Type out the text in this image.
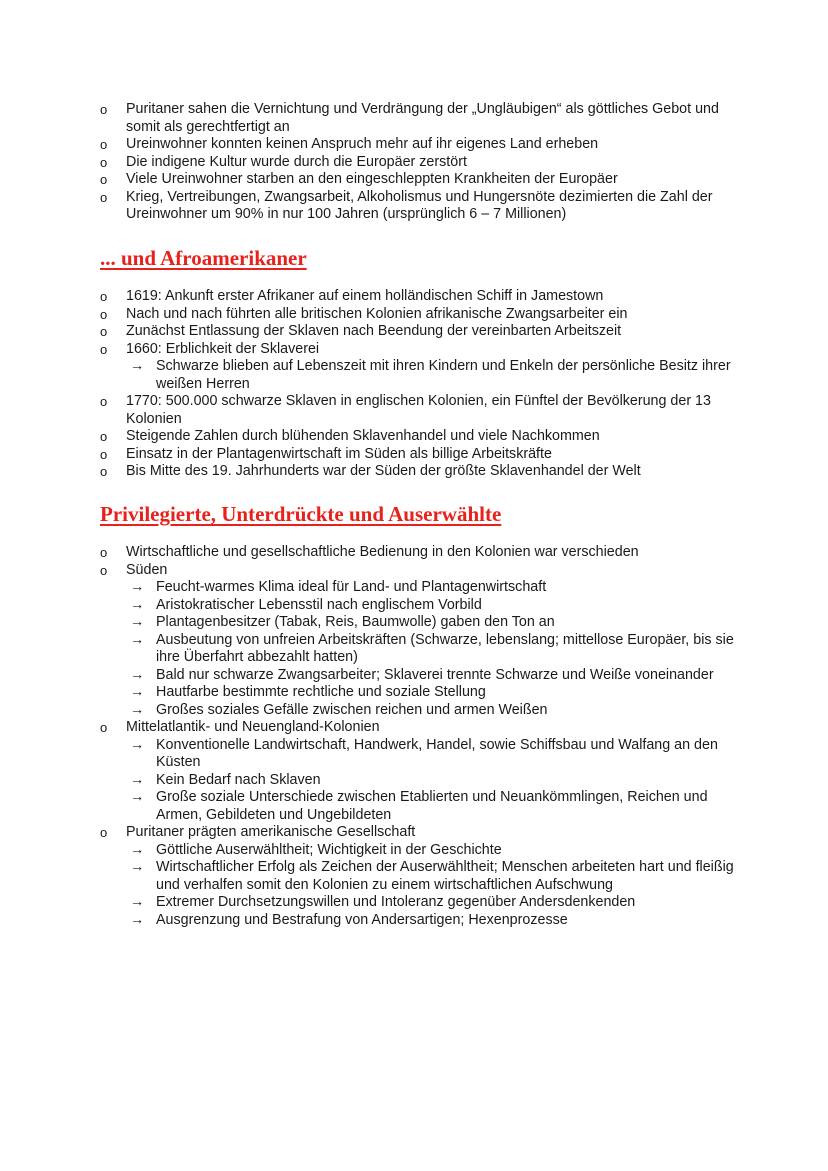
o Puritaner sahen die Vernichtung und Verdrängung der „Ungläubigen“ als göttliches Gebot und somit als gerechtfertigt an
o Ureinwohner konnten keinen Anspruch mehr auf ihr eigenes Land erheben
o Die indigene Kultur wurde durch die Europäer zerstört
o Viele Ureinwohner starben an den eingeschleppten Krankheiten der Europäer
o Krieg, Vertreibungen, Zwangsarbeit, Alkoholismus und Hungersnöte dezimierten die Zahl der Ureinwohner um 90% in nur 100 Jahren (ursprünglich 6 – 7 Millionen)
... und Afroamerikaner
o 1619: Ankunft erster Afrikaner auf einem holländischen Schiff in Jamestown
o Nach und nach führten alle britischen Kolonien afrikanische Zwangsarbeiter ein
o Zunächst Entlassung der Sklaven nach Beendung der vereinbarten Arbeitszeit
o 1660: Erblichkeit der Sklaverei
→ Schwarze blieben auf Lebenszeit mit ihren Kindern und Enkeln der persönliche Besitz ihrer weißen Herren
o 1770: 500.000 schwarze Sklaven in englischen Kolonien, ein Fünftel der Bevölkerung der 13 Kolonien
o Steigende Zahlen durch blühenden Sklavenhandel und viele Nachkommen
o Einsatz in der Plantagenwirtschaft im Süden als billige Arbeitskräfte
o Bis Mitte des 19. Jahrhunderts war der Süden der größte Sklavenhandel der Welt
Privilegierte, Unterdrückte und Auserwählte
o Wirtschaftliche und gesellschaftliche Bedienung in den Kolonien war verschieden
o Süden
→ Feucht-warmes Klima ideal für Land- und Plantagenwirtschaft
→ Aristokratischer Lebensstil nach englischem Vorbild
→ Plantagenbesitzer (Tabak, Reis, Baumwolle) gaben den Ton an
→ Ausbeutung von unfreien Arbeitskräften (Schwarze, lebenslang; mittellose Europäer, bis sie ihre Überfahrt abbezahlt hatten)
→ Bald nur schwarze Zwangsarbeiter; Sklaverei trennte Schwarze und Weiße voneinander
→ Hautfarbe bestimmte rechtliche und soziale Stellung
→ Großes soziales Gefälle zwischen reichen und armen Weißen
o Mittelatlantik- und Neuengland-Kolonien
→ Konventionelle Landwirtschaft, Handwerk, Handel, sowie Schiffsbau und Walfang an den Küsten
→ Kein Bedarf nach Sklaven
→ Große soziale Unterschiede zwischen Etablierten und Neuankömmlingen, Reichen und Armen, Gebildeten und Ungebildeten
o Puritaner prägten amerikanische Gesellschaft
→ Göttliche Auserwähltheit; Wichtigkeit in der Geschichte
→ Wirtschaftlicher Erfolg als Zeichen der Auserwähltheit; Menschen arbeiteten hart und fleißig und verhalfen somit den Kolonien zu einem wirtschaftlichen Aufschwung
→ Extremer Durchsetzungswillen und Intoleranz gegenüber Andersdenkenden
→ Ausgrenzung und Bestrafung von Andersartigen; Hexenprozesse
